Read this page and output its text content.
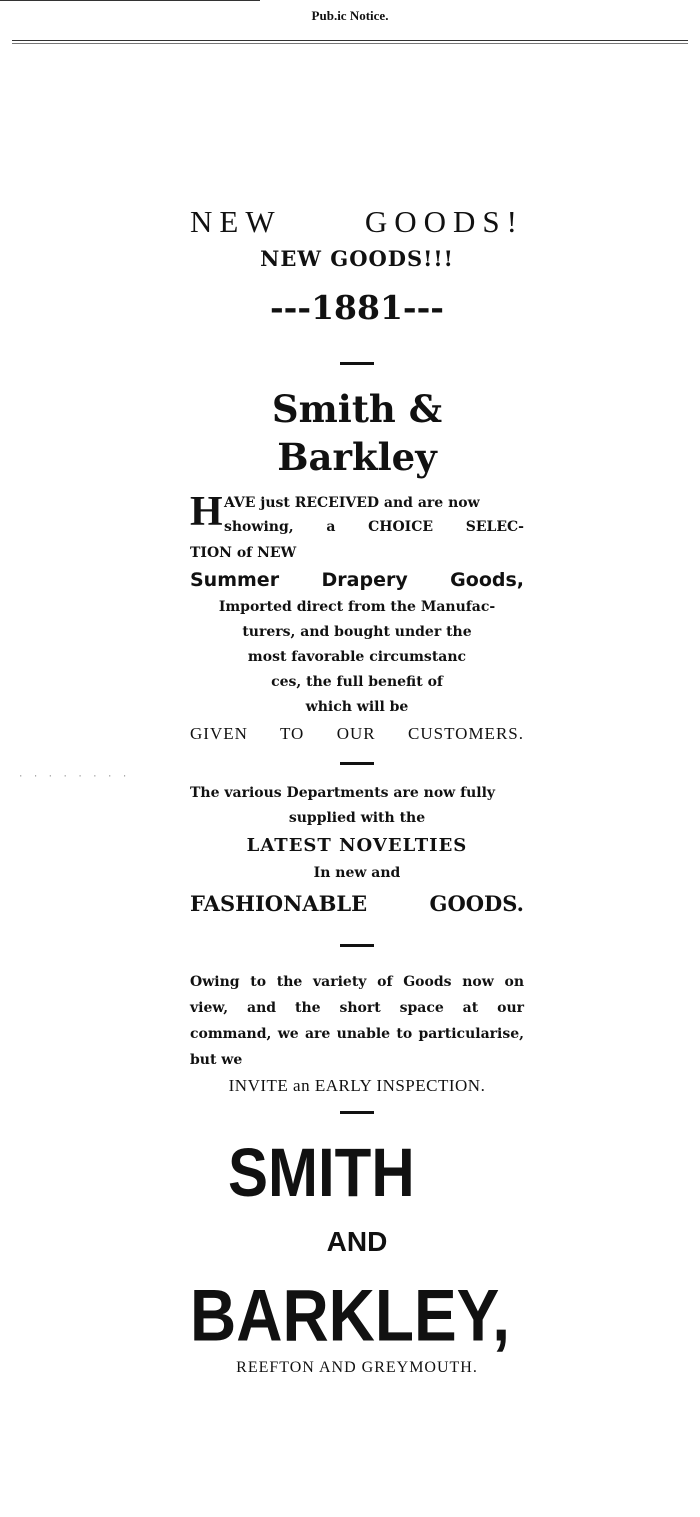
Pub.ic Notice.
· · · · · · · ·
NEW GOODS!
NEW GOODS!!!
---1881---
Smith & Barkley
H AVE just RECEIVED and are now
showing, a CHOICE SELEC-
TION of NEW
Summer Drapery Goods,
Imported direct from the Manufac-
turers, and bought under the
most favorable circumstanc
ces, the full benefit of
which will be
GIVEN TO OUR CUSTOMERS.
The various Departments are now fully
supplied with the
LATEST NOVELTIES
In new and
FASHIONABLE GOODS.
Owing to the variety of Goods now on view, and the short space at our command, we are unable to particularise, but we
INVITE an EARLY INSPECTION.
SMITH
AND
BARKLEY,
REEFTON AND GREYMOUTH.
